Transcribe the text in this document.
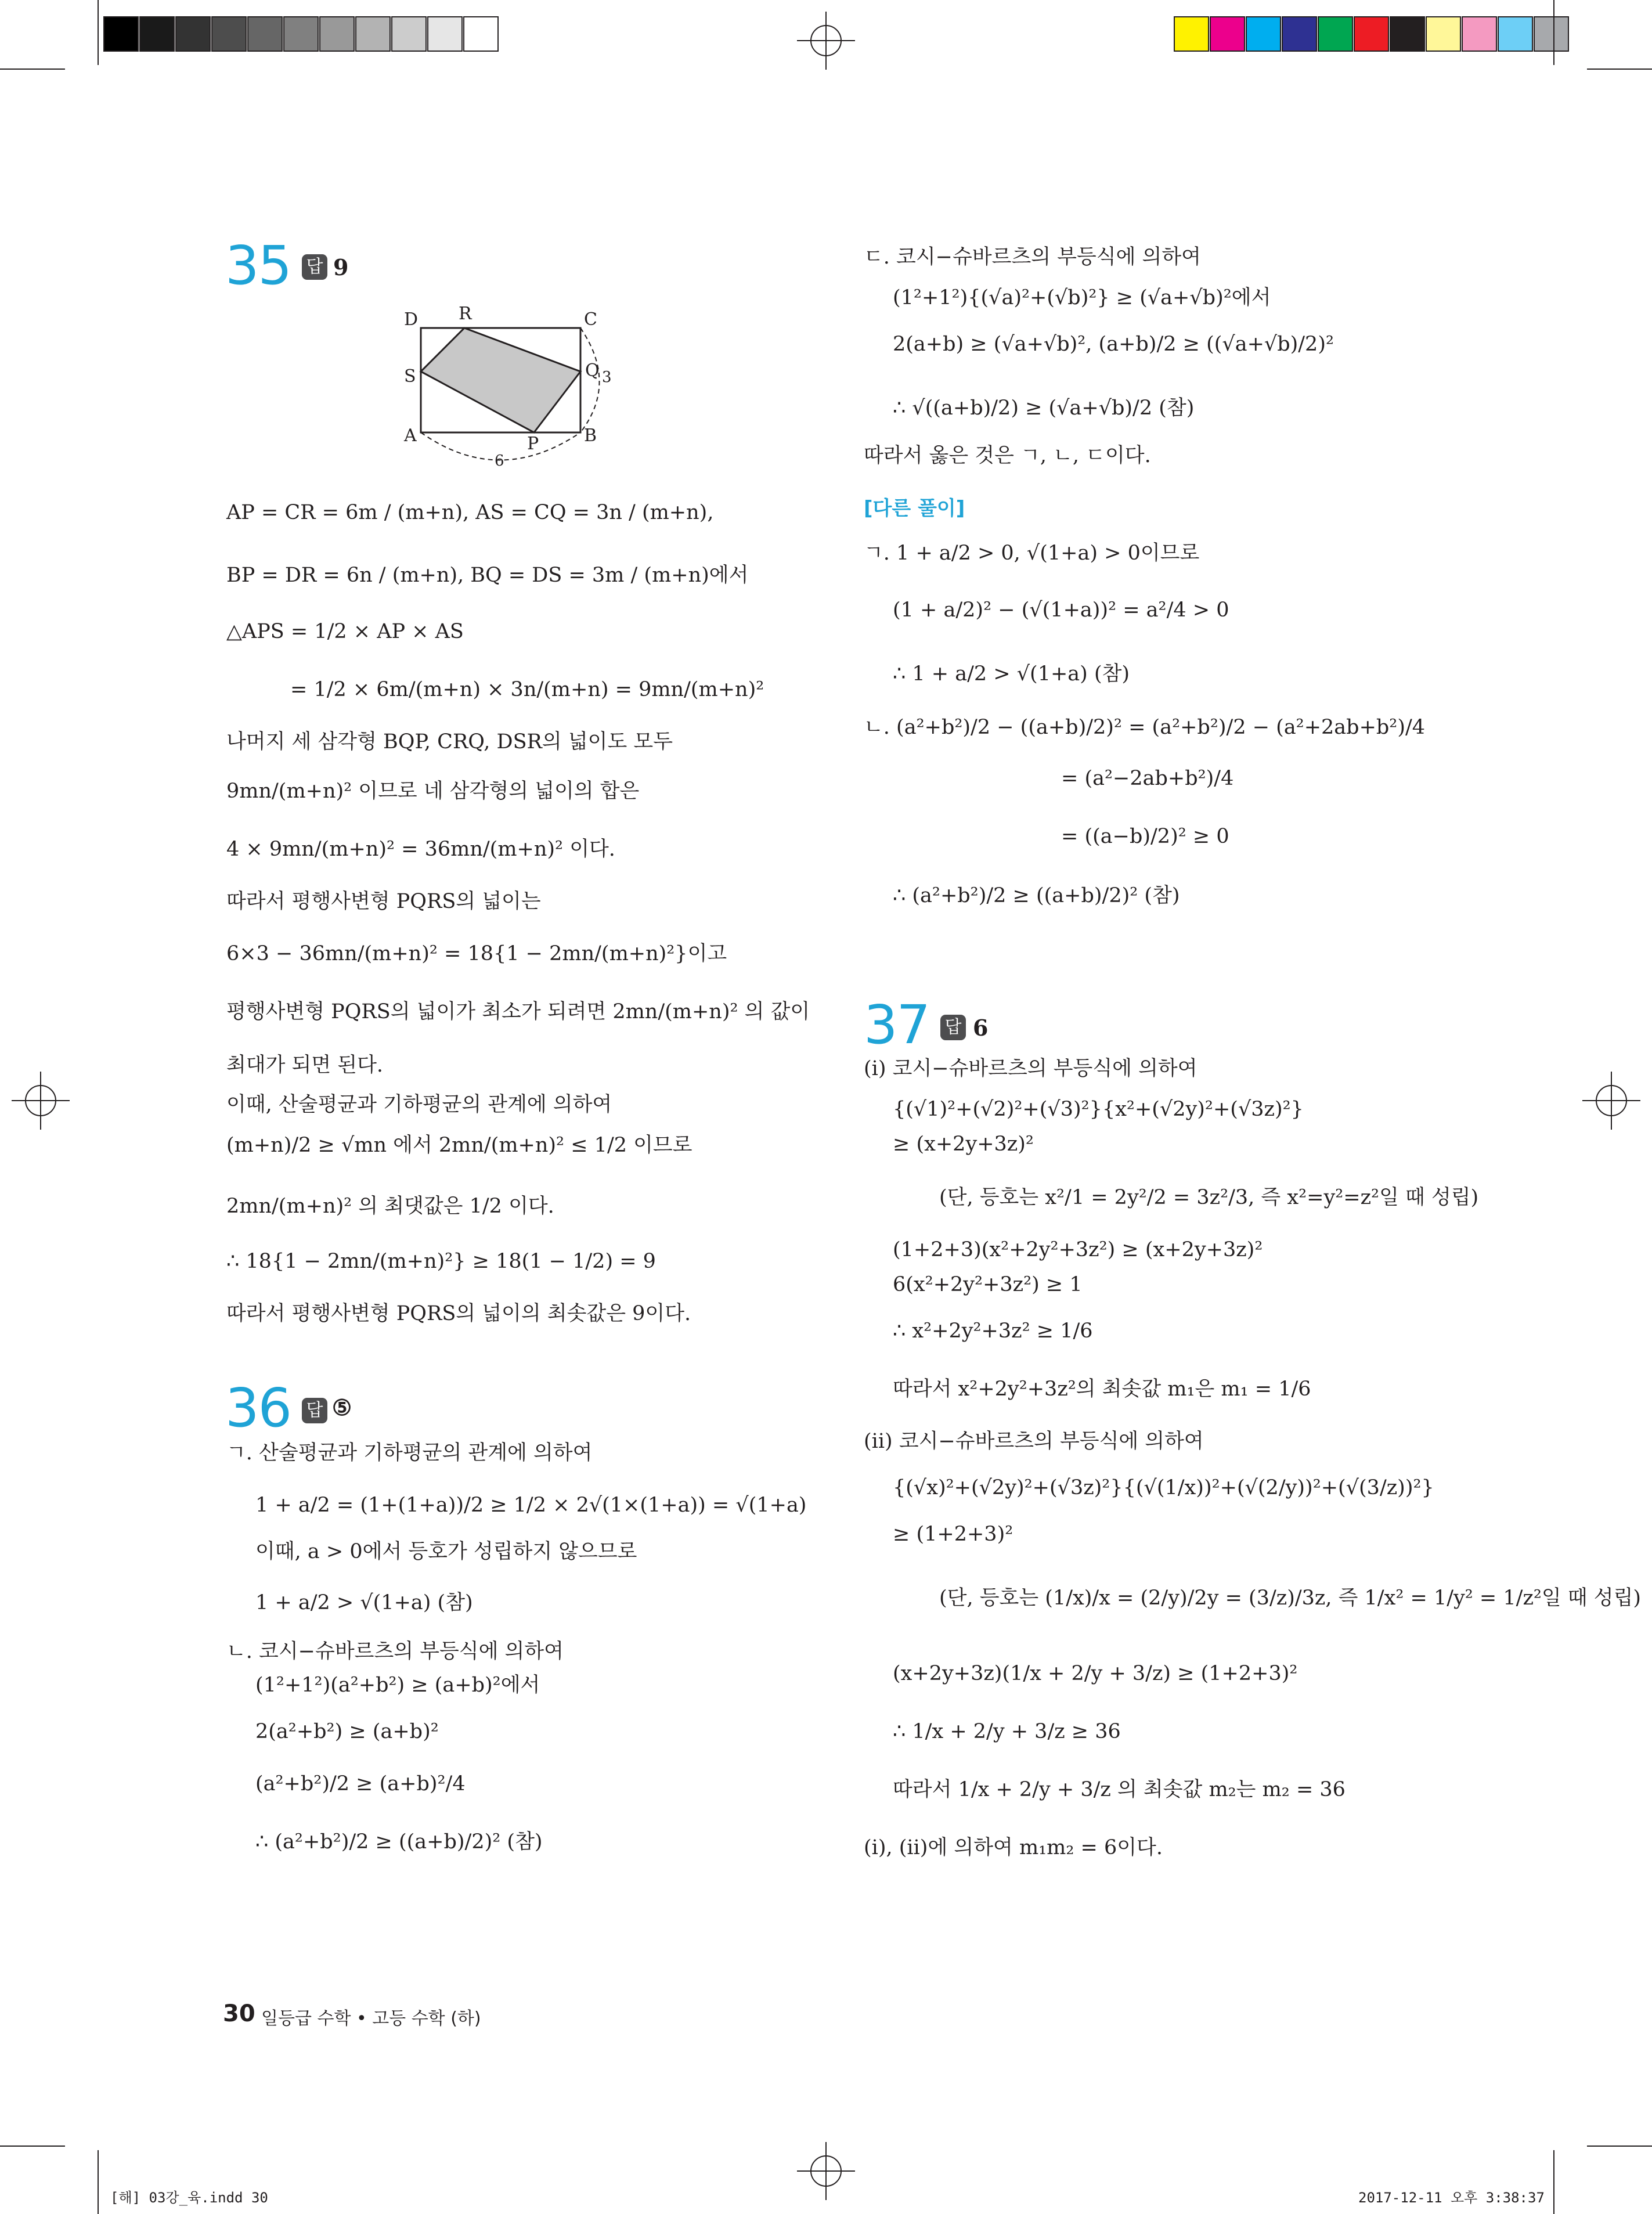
35 답 9
D R	C
S	Q 3
A	P	B
6
AP = CR = 6m / (m+n), AS = CQ = 3n / (m+n),
BP = DR = 6n / (m+n), BQ = DS = 3m / (m+n)에서
△APS = 1/2 × AP × AS
= 1/2 × 6m/(m+n) × 3n/(m+n) = 9mn/(m+n)²
나머지 세 삼각형 BQP, CRQ, DSR의 넓이도 모두
9mn/(m+n)² 이므로 네 삼각형의 넓이의 합은
4 × 9mn/(m+n)² = 36mn/(m+n)² 이다.
따라서 평행사변형 PQRS의 넓이는
6×3 − 36mn/(m+n)² = 18{1 − 2mn/(m+n)²}이고
평행사변형 PQRS의 넓이가 최소가 되려면 2mn/(m+n)² 의 값이
최대가 되면 된다.
이때, 산술평균과 기하평균의 관계에 의하여
(m+n)/2 ≥ √mn 에서 2mn/(m+n)² ≤ 1/2 이므로
2mn/(m+n)² 의 최댓값은 1/2 이다.
∴ 18{1 − 2mn/(m+n)²} ≥ 18(1 − 1/2) = 9
따라서 평행사변형 PQRS의 넓이의 최솟값은 9이다.
36 답 ⑤
ㄱ. 산술평균과 기하평균의 관계에 의하여
1 + a/2 = (1+(1+a))/2 ≥ 1/2 × 2√(1×(1+a)) = √(1+a)
이때, a > 0에서 등호가 성립하지 않으므로
1 + a/2 > √(1+a) (참)
ㄴ. 코시−슈바르츠의 부등식에 의하여
(1²+1²)(a²+b²) ≥ (a+b)²에서
2(a²+b²) ≥ (a+b)²
(a²+b²)/2 ≥ (a+b)²/4
∴ (a²+b²)/2 ≥ ((a+b)/2)² (참)
ㄷ. 코시−슈바르츠의 부등식에 의하여
(1²+1²){(√a)²+(√b)²} ≥ (√a+√b)²에서
2(a+b) ≥ (√a+√b)², (a+b)/2 ≥ ((√a+√b)/2)²
∴ √((a+b)/2) ≥ (√a+√b)/2 (참)
따라서 옳은 것은 ㄱ, ㄴ, ㄷ이다.
[다른 풀이]
ㄱ. 1 + a/2 > 0, √(1+a) > 0이므로
(1 + a/2)² − (√(1+a))² = a²/4 > 0
∴ 1 + a/2 > √(1+a) (참)
ㄴ. (a²+b²)/2 − ((a+b)/2)² = (a²+b²)/2 − (a²+2ab+b²)/4
= (a²−2ab+b²)/4
= ((a−b)/2)² ≥ 0
∴ (a²+b²)/2 ≥ ((a+b)/2)² (참)
37 답 6
(ⅰ) 코시−슈바르츠의 부등식에 의하여
{(√1)²+(√2)²+(√3)²}{x²+(√2y)²+(√3z)²}
≥ (x+2y+3z)²
(단, 등호는 x²/1 = 2y²/2 = 3z²/3, 즉 x²=y²=z²일 때 성립)
(1+2+3)(x²+2y²+3z²) ≥ (x+2y+3z)²
6(x²+2y²+3z²) ≥ 1
∴ x²+2y²+3z² ≥ 1/6
따라서 x²+2y²+3z²의 최솟값 m₁은 m₁ = 1/6
(ⅱ) 코시−슈바르츠의 부등식에 의하여
{(√x)²+(√2y)²+(√3z)²}{(√(1/x))²+(√(2/y))²+(√(3/z))²}
≥ (1+2+3)²
(단, 등호는 (1/x)/x = (2/y)/2y = (3/z)/3z, 즉 1/x² = 1/y² = 1/z²일 때 성립)
(x+2y+3z)(1/x + 2/y + 3/z) ≥ (1+2+3)²
∴ 1/x + 2/y + 3/z ≥ 36
따라서 1/x + 2/y + 3/z 의 최솟값 m₂는 m₂ = 36
(ⅰ), (ⅱ)에 의하여 m₁m₂ = 6이다.
30 일등급 수학 • 고등 수학 (하)
[해] 03강_육.indd 30	2017-12-11 오후 3:38:37
